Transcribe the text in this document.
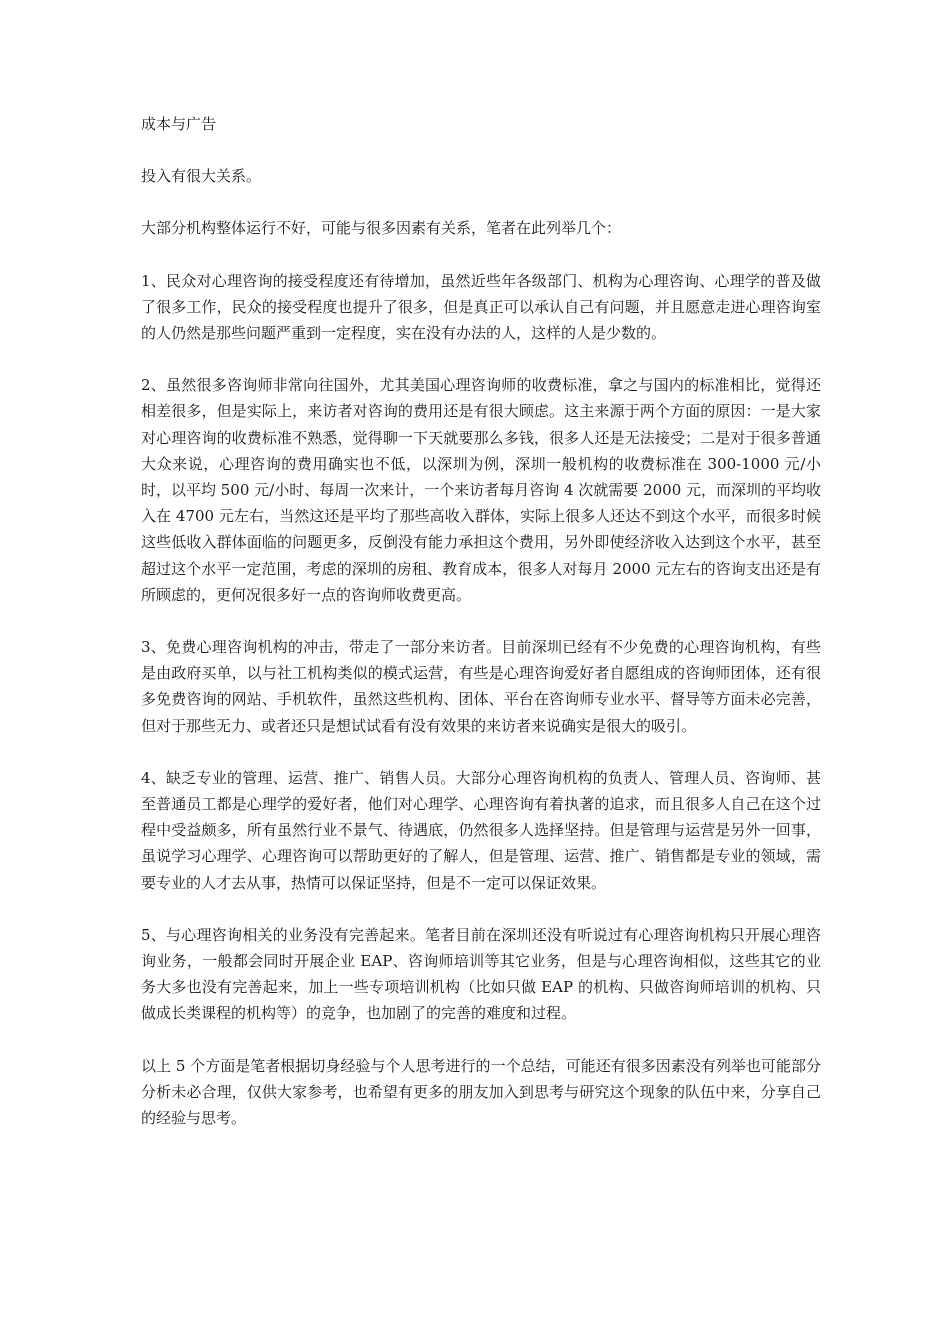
成本与广告

投入有很大关系。

大部分机构整体运行不好，可能与很多因素有关系，笔者在此列举几个：

1、民众对心理咨询的接受程度还有待增加，虽然近些年各级部门、机构为心理咨询、心理学的普及做了很多工作，民众的接受程度也提升了很多，但是真正可以承认自己有问题，并且愿意走进心理咨询室的人仍然是那些问题严重到一定程度，实在没有办法的人，这样的人是少数的。

2、虽然很多咨询师非常向往国外，尤其美国心理咨询师的收费标准，拿之与国内的标准相比，觉得还相差很多，但是实际上，来访者对咨询的费用还是有很大顾虑。这主来源于两个方面的原因：一是大家对心理咨询的收费标准不熟悉，觉得聊一下天就要那么多钱，很多人还是无法接受；二是对于很多普通大众来说，心理咨询的费用确实也不低，以深圳为例，深圳一般机构的收费标准在 300-1000 元/小时，以平均 500 元/小时、每周一次来计，一个来访者每月咨询 4 次就需要 2000 元，而深圳的平均收入在 4700 元左右，当然这还是平均了那些高收入群体，实际上很多人还达不到这个水平，而很多时候这些低收入群体面临的问题更多，反倒没有能力承担这个费用，另外即使经济收入达到这个水平，甚至超过这个水平一定范围，考虑的深圳的房租、教育成本，很多人对每月 2000 元左右的咨询支出还是有所顾虑的，更何况很多好一点的咨询师收费更高。

3、免费心理咨询机构的冲击，带走了一部分来访者。目前深圳已经有不少免费的心理咨询机构，有些是由政府买单，以与社工机构类似的模式运营，有些是心理咨询爱好者自愿组成的咨询师团体，还有很多免费咨询的网站、手机软件，虽然这些机构、团体、平台在咨询师专业水平、督导等方面未必完善，但对于那些无力、或者还只是想试试看有没有效果的来访者来说确实是很大的吸引。

4、缺乏专业的管理、运营、推广、销售人员。大部分心理咨询机构的负责人、管理人员、咨询师、甚至普通员工都是心理学的爱好者，他们对心理学、心理咨询有着执著的追求，而且很多人自己在这个过程中受益颇多，所有虽然行业不景气、待遇底，仍然很多人选择坚持。但是管理与运营是另外一回事，虽说学习心理学、心理咨询可以帮助更好的了解人，但是管理、运营、推广、销售都是专业的领域，需要专业的人才去从事，热情可以保证坚持，但是不一定可以保证效果。

5、与心理咨询相关的业务没有完善起来。笔者目前在深圳还没有听说过有心理咨询机构只开展心理咨询业务，一般都会同时开展企业 EAP、咨询师培训等其它业务，但是与心理咨询相似，这些其它的业务大多也没有完善起来，加上一些专项培训机构（比如只做 EAP 的机构、只做咨询师培训的机构、只做成长类课程的机构等）的竞争，也加剧了的完善的难度和过程。

以上 5 个方面是笔者根据切身经验与个人思考进行的一个总结，可能还有很多因素没有列举也可能部分分析未必合理，仅供大家参考，也希望有更多的朋友加入到思考与研究这个现象的队伍中来，分享自己的经验与思考。
